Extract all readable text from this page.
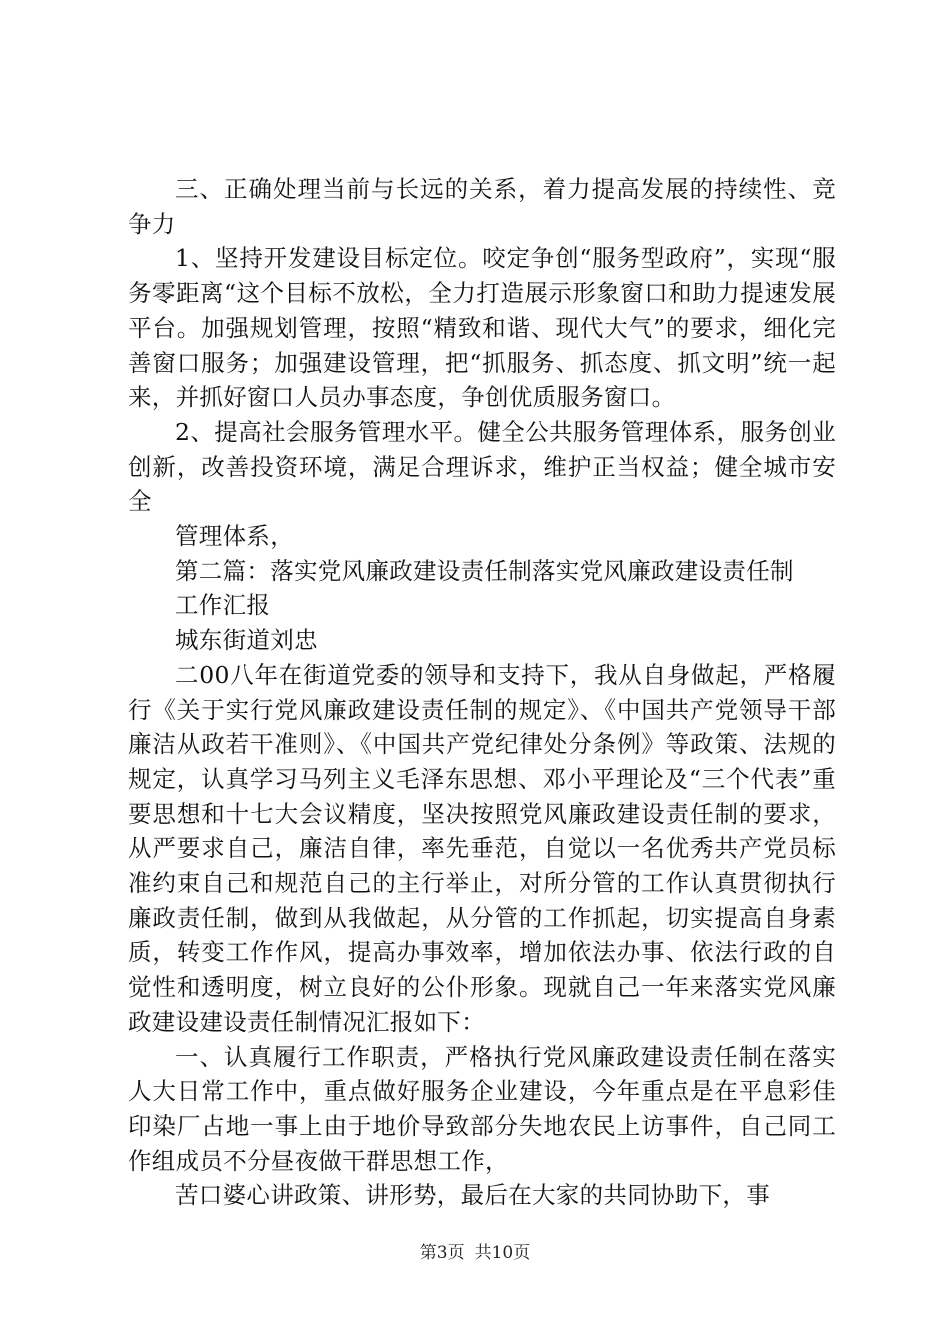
三、正确处理当前与长远的关系，着力提高发展的持续性、竞争力

1、坚持开发建设目标定位。咬定争创“服务型政府”，实现“服务零距离“这个目标不放松，全力打造展示形象窗口和助力提速发展平台。加强规划管理，按照“精致和谐、现代大气”的要求，细化完善窗口服务；加强建设管理，把“抓服务、抓态度、抓文明”统一起来，并抓好窗口人员办事态度，争创优质服务窗口。

2、提高社会服务管理水平。健全公共服务管理体系，服务创业创新，改善投资环境，满足合理诉求，维护正当权益；健全城市安全

管理体系，

第二篇：落实党风廉政建设责任制落实党风廉政建设责任制

工作汇报

城东街道刘忠

二00八年在街道党委的领导和支持下，我从自身做起，严格履行《关于实行党风廉政建设责任制的规定》、《中国共产党领导干部廉洁从政若干准则》、《中国共产党纪律处分条例》等政策、法规的规定，认真学习马列主义毛泽东思想、邓小平理论及“三个代表”重要思想和十七大会议精度，坚决按照党风廉政建设责任制的要求，从严要求自己，廉洁自律，率先垂范，自觉以一名优秀共产党员标准约束自己和规范自己的主行举止，对所分管的工作认真贯彻执行廉政责任制，做到从我做起，从分管的工作抓起，切实提高自身素质，转变工作作风，提高办事效率，增加依法办事、依法行政的自觉性和透明度，树立良好的公仆形象。现就自己一年来落实党风廉政建设建设责任制情况汇报如下：

一、认真履行工作职责，严格执行党风廉政建设责任制在落实人大日常工作中，重点做好服务企业建设，今年重点是在平息彩佳印染厂占地一事上由于地价导致部分失地农民上访事件，自己同工作组成员不分昼夜做干群思想工作，

苦口婆心讲政策、讲形势，最后在大家的共同协助下，事

第3页 共10页
